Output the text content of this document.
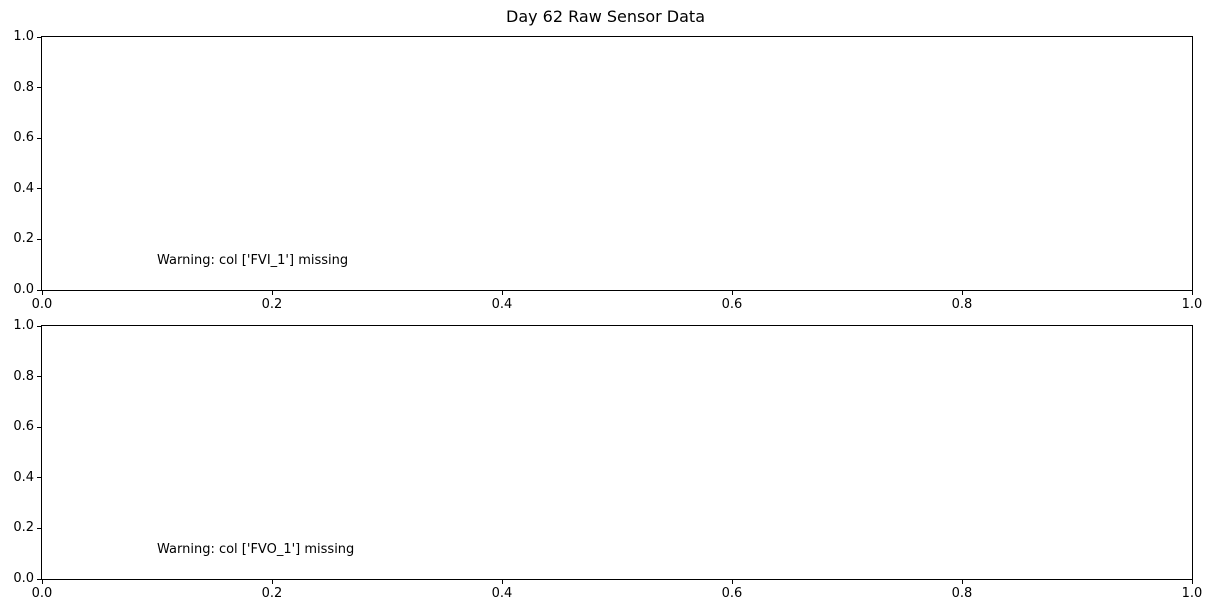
Day 62 Raw Sensor Data
0.0	0.2	0.4	0.6	0.8	1.0
0.0
0.2
0.4
0.6
0.8
1.0
Warning: col ['FVI_1'] missing
0.0	0.2	0.4	0.6	0.8	1.0
0.0
0.2
0.4
0.6
0.8
1.0
Warning: col ['FVO_1'] missing
